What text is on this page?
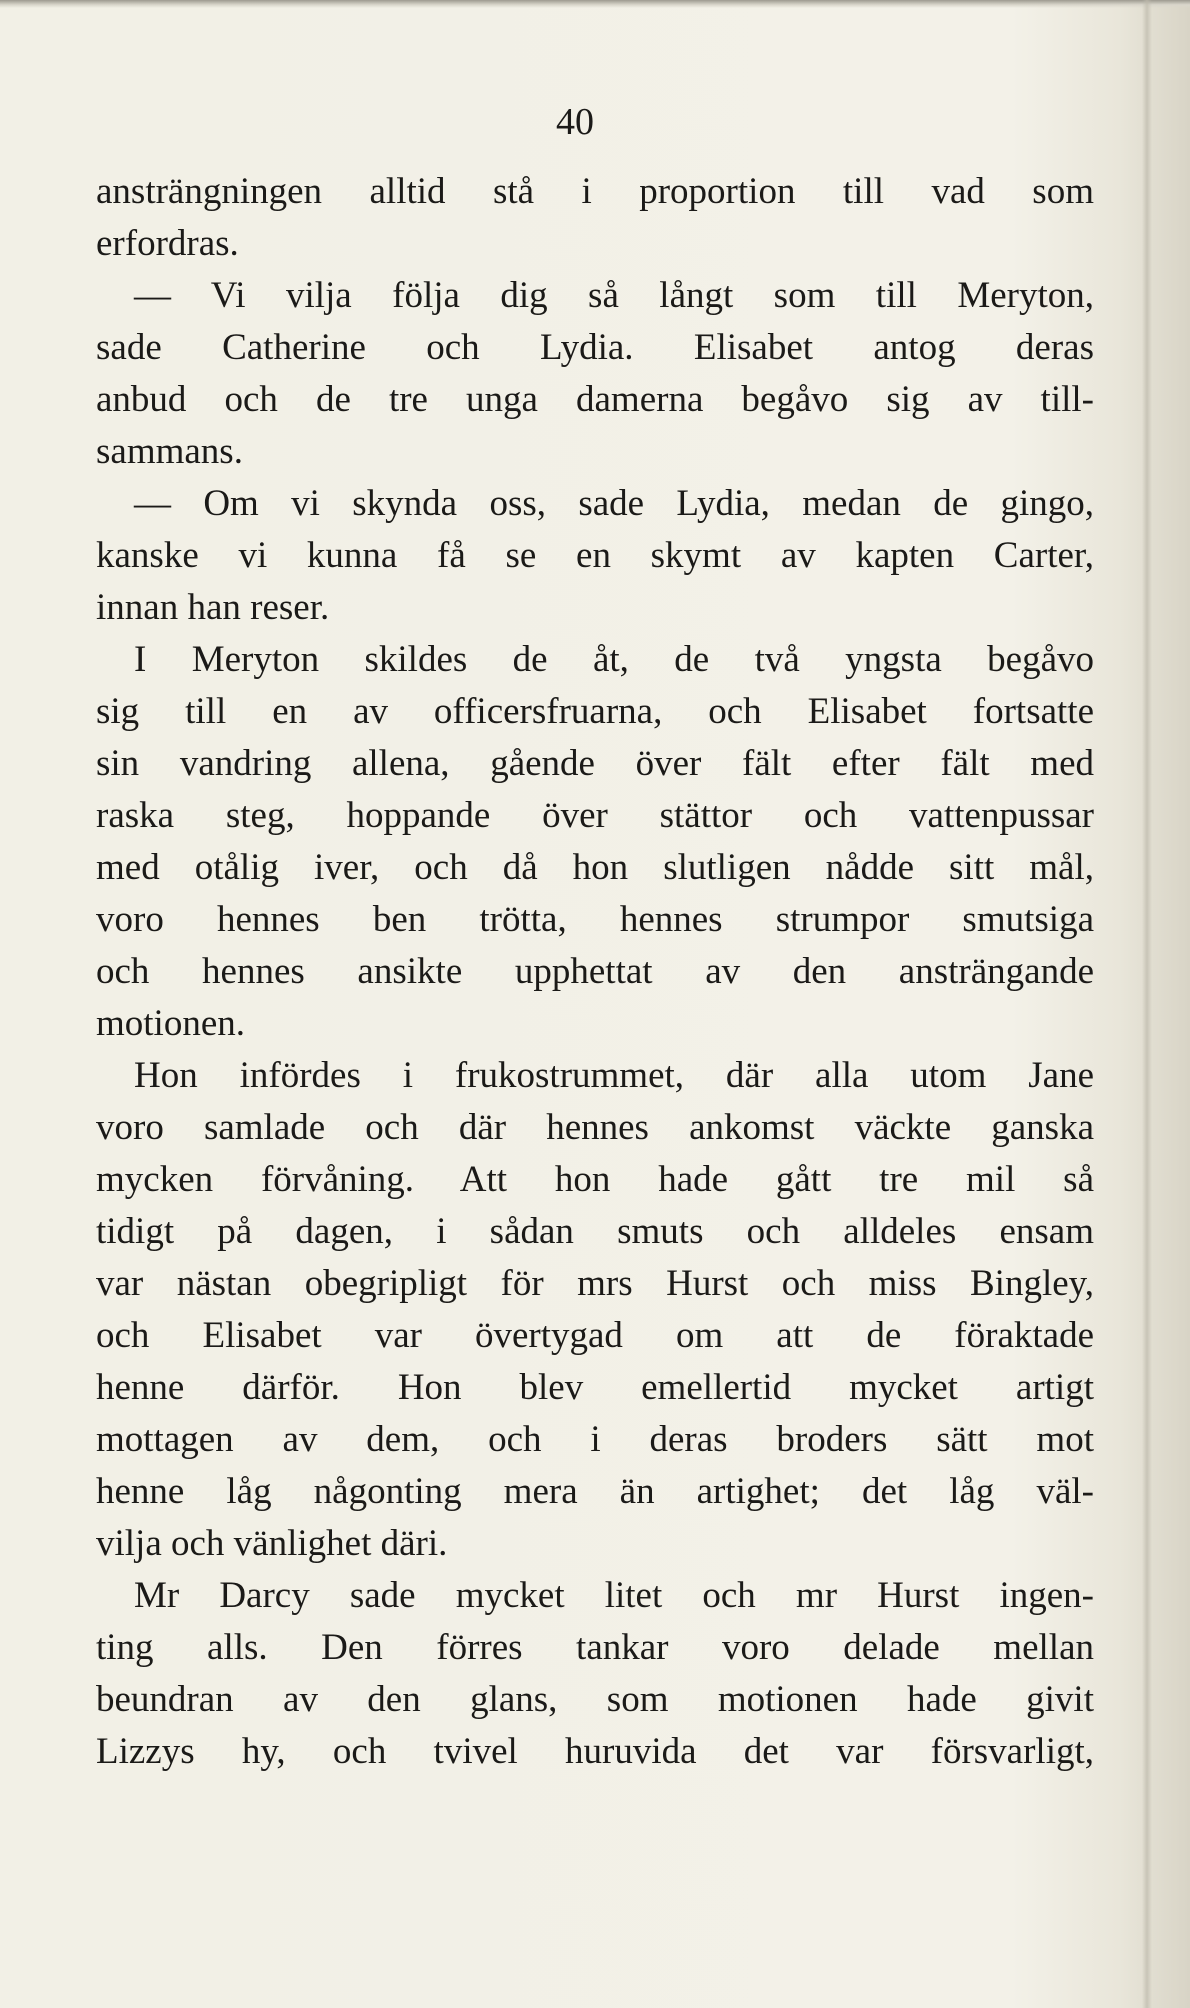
40
ansträngningen alltid stå i proportion till vad som
erfordras.
— Vi vilja följa dig så långt som till Meryton,
sade Catherine och Lydia. Elisabet antog deras
anbud och de tre unga damerna begåvo sig av till-
sammans.
— Om vi skynda oss, sade Lydia, medan de gingo,
kanske vi kunna få se en skymt av kapten Carter,
innan han reser.
I Meryton skildes de åt, de två yngsta begåvo
sig till en av officersfruarna, och Elisabet fortsatte
sin vandring allena, gående över fält efter fält med
raska steg, hoppande över stättor och vattenpussar
med otålig iver, och då hon slutligen nådde sitt mål,
voro hennes ben trötta, hennes strumpor smutsiga
och hennes ansikte upphettat av den ansträngande
motionen.
Hon infördes i frukostrummet, där alla utom Jane
voro samlade och där hennes ankomst väckte ganska
mycken förvåning. Att hon hade gått tre mil så
tidigt på dagen, i sådan smuts och alldeles ensam
var nästan obegripligt för mrs Hurst och miss Bingley,
och Elisabet var övertygad om att de föraktade
henne därför. Hon blev emellertid mycket artigt
mottagen av dem, och i deras broders sätt mot
henne låg någonting mera än artighet; det låg väl-
vilja och vänlighet däri.
Mr Darcy sade mycket litet och mr Hurst ingen-
ting alls. Den förres tankar voro delade mellan
beundran av den glans, som motionen hade givit
Lizzys hy, och tvivel huruvida det var försvarligt,
